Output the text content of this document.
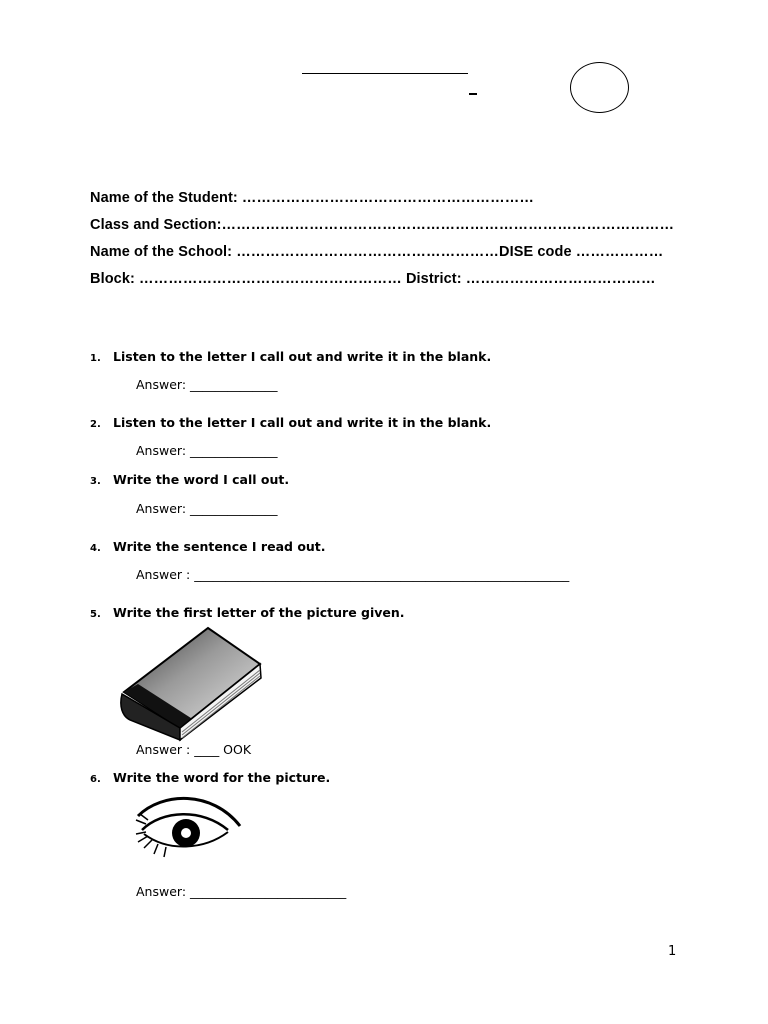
Name of the Student: ……………………………………………………
Class and Section:…………………………………………………………………………………
Name of the School: ………………………………………………DISE code ………………
Block: ……………………………………………… District: …………………………………
1. Listen to the letter I call out and write it in the blank.
Answer: ______________
2. Listen to the letter I call out and write it in the blank.
Answer: ______________
3. Write the word I call out.
Answer: ______________
4. Write the sentence I read out.
Answer : ____________________________________________________________
5. Write the first letter of the picture given.
Answer : ____ OOK
6. Write the word for the picture.
Answer: _________________________
1
